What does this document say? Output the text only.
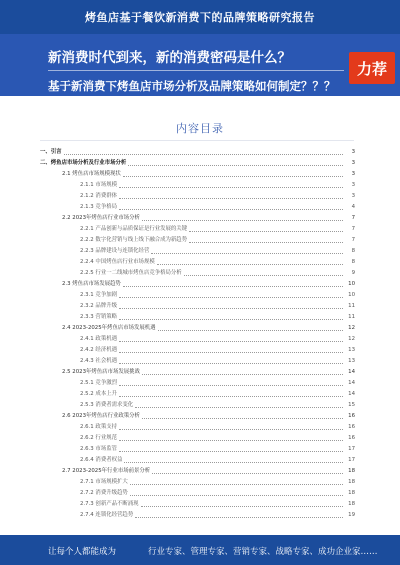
烤鱼店基于餐饮新消费下的品牌策略研究报告
新消费时代到来，新的消费密码是什么？
基于新消费下烤鱼店市场分析及品牌策略如何制定？？？
力荐
内容目录
一、引言	3
二、烤鱼店市场分析及行业市场分析	3
2.1 烤鱼店市场规模现状	3
2.1.1 市场规模	3
2.1.2 消费群体	3
2.1.3 竞争格局	4
2.2 2023年烤鱼店行业市场分析	7
2.2.1 产品创新与品质保证是行业发展的关键	7
2.2.2 数字化营销与线上线下融合成为新趋势	7
2.2.3 品牌建设与连锁化经营	8
2.2.4 中国烤鱼店行业市场规模	8
2.2.5 行业一二线城市烤鱼店竞争格局分析	9
2.3 烤鱼店市场发展趋势	10
2.3.1 竞争加剧	10
2.3.2 品牌升级	11
2.3.3 营销策略	11
2.4 2023-2025年烤鱼店市场发展机遇	12
2.4.1 政策机遇	12
2.4.2 经济机遇	13
2.4.3 社会机遇	13
2.5 2023年烤鱼店市场发展挑战	14
2.5.1 竞争激烈	14
2.5.2 成本上升	14
2.5.3 消费者需求变化	15
2.6 2023年烤鱼店行业政策分析	16
2.6.1 政策支持	16
2.6.2 行业规范	16
2.6.3 市场监管	17
2.6.4 消费者权益	17
2.7 2023-2025年行业市场前景分析	18
2.7.1 市场规模扩大	18
2.7.2 消费升级趋势	18
2.7.3 创新产品不断涌现	18
2.7.4 连锁化经营趋势	19
让每个人都能成为	行业专家、管理专家、营销专家、战略专家、成功企业家……
